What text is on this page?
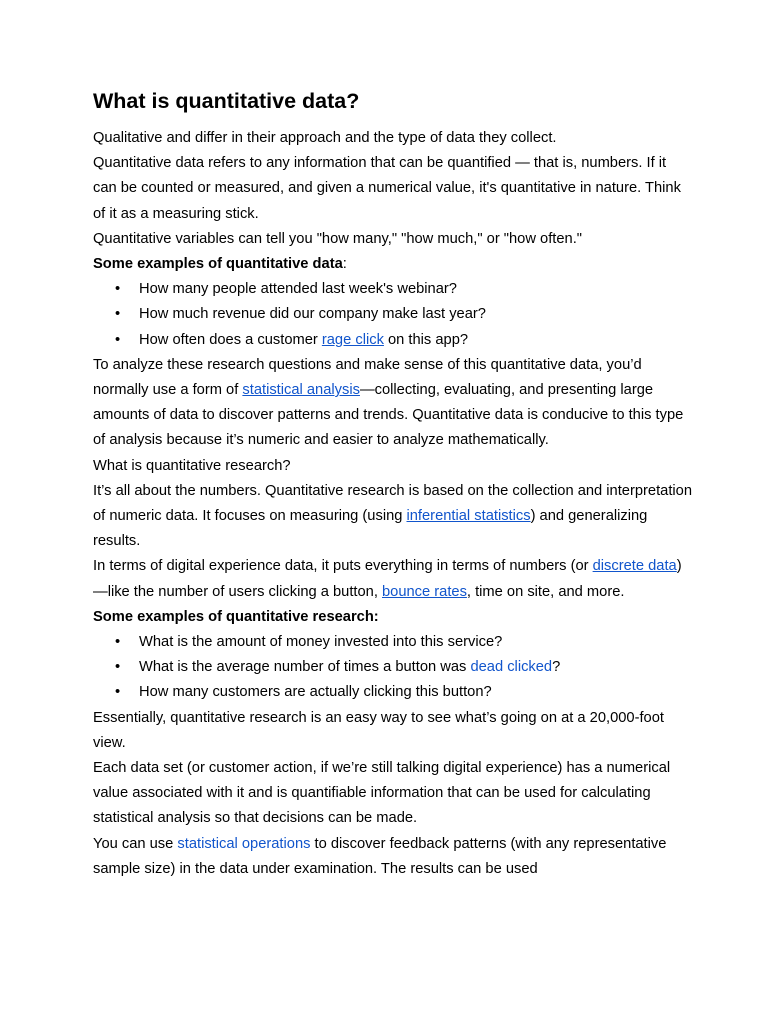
What is quantitative data?

Qualitative and differ in their approach and the type of data they collect.

Quantitative data refers to any information that can be quantified — that is, numbers. If it can be counted or measured, and given a numerical value, it's quantitative in nature. Think of it as a measuring stick.

Quantitative variables can tell you "how many," "how much," or "how often."

Some examples of quantitative data:

• How many people attended last week's webinar?
• How much revenue did our company make last year?
• How often does a customer rage click on this app?

To analyze these research questions and make sense of this quantitative data, you’d normally use a form of statistical analysis—collecting, evaluating, and presenting large amounts of data to discover patterns and trends. Quantitative data is conducive to this type of analysis because it’s numeric and easier to analyze mathematically.

What is quantitative research?

It’s all about the numbers. Quantitative research is based on the collection and interpretation of numeric data. It focuses on measuring (using inferential statistics) and generalizing results.

In terms of digital experience data, it puts everything in terms of numbers (or discrete data)—like the number of users clicking a button, bounce rates, time on site, and more.

Some examples of quantitative research:

• What is the amount of money invested into this service?
• What is the average number of times a button was dead clicked?
• How many customers are actually clicking this button?

Essentially, quantitative research is an easy way to see what’s going on at a 20,000-foot view.

Each data set (or customer action, if we’re still talking digital experience) has a numerical value associated with it and is quantifiable information that can be used for calculating statistical analysis so that decisions can be made.

You can use statistical operations to discover feedback patterns (with any representative sample size) in the data under examination. The results can be used
